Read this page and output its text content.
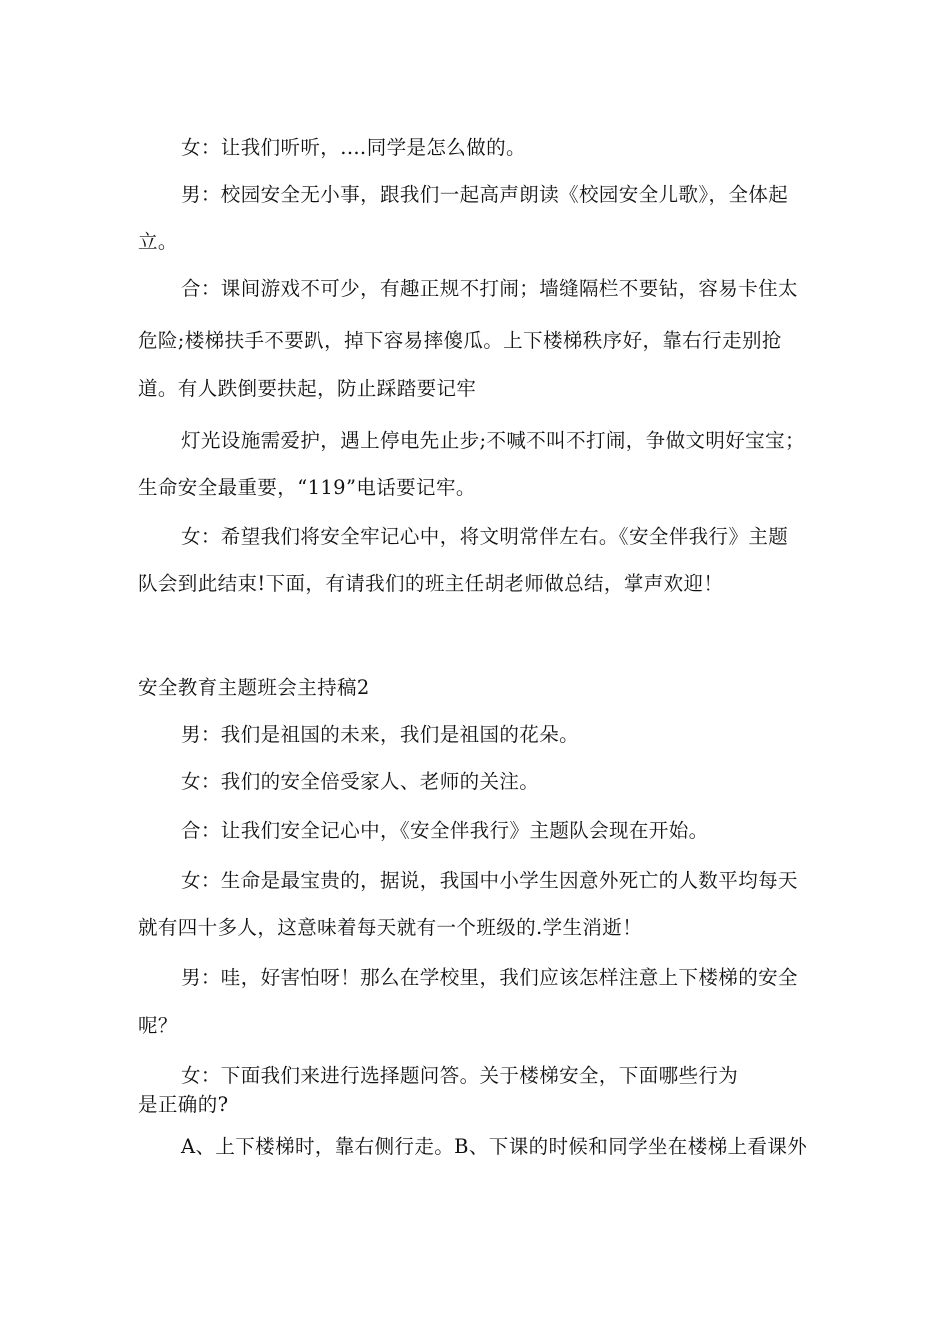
女：让我们听听，.…同学是怎么做的。
男：校园安全无小事，跟我们一起高声朗读《校园安全儿歌》，全体起
立。
合：课间游戏不可少，有趣正规不打闹；墙缝隔栏不要钻，容易卡住太
危险;楼梯扶手不要趴，掉下容易摔傻瓜。上下楼梯秩序好，靠右行走别抢
道。有人跌倒要扶起，防止踩踏要记牢
灯光设施需爱护，遇上停电先止步;不喊不叫不打闹，争做文明好宝宝；
生命安全最重要，“119”电话要记牢。
女：希望我们将安全牢记心中，将文明常伴左右。《安全伴我行》主题
队会到此结束!下面，有请我们的班主任胡老师做总结，掌声欢迎！
安全教育主题班会主持稿2
男：我们是祖国的未来，我们是祖国的花朵。
女：我们的安全倍受家人、老师的关注。
合：让我们安全记心中，《安全伴我行》主题队会现在开始。
女：生命是最宝贵的，据说，我国中小学生因意外死亡的人数平均每天
就有四十多人，这意味着每天就有一个班级的.学生消逝！
男：哇，好害怕呀！那么在学校里，我们应该怎样注意上下楼梯的安全
呢？
女：下面我们来进行选择题问答。关于楼梯安全，下面哪些行为
是正确的?
A、上下楼梯时，靠右侧行走。B、下课的时候和同学坐在楼梯上看课外
